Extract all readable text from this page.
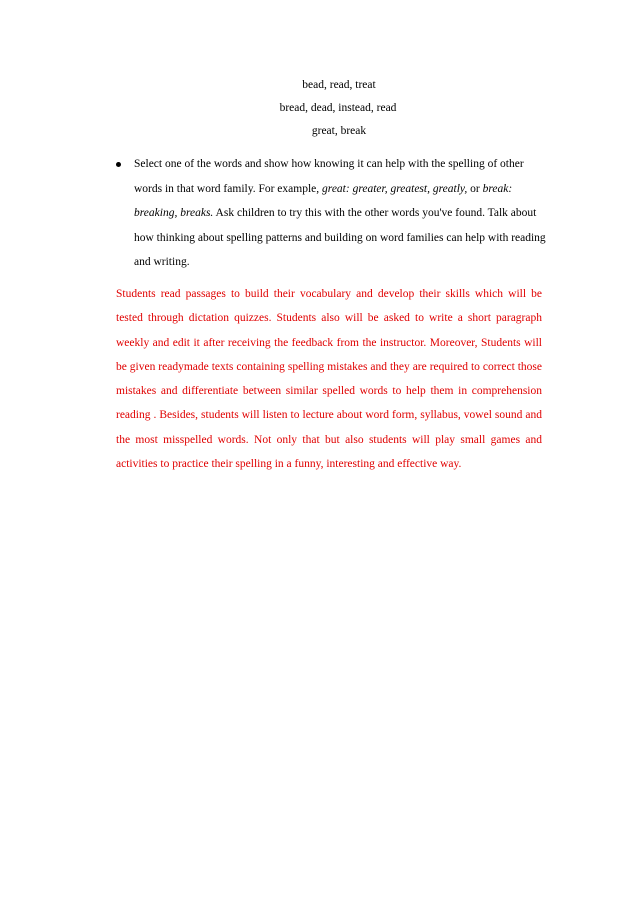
bead, read, treat
bread, dead, instead, read
great, break
Select one of the words and show how knowing it can help with the spelling of other words in that word family. For example, great: greater, greatest, greatly, or break: breaking, breaks. Ask children to try this with the other words you've found. Talk about how thinking about spelling patterns and building on word families can help with reading and writing.
Students read passages to build their vocabulary and develop their skills which will be tested through dictation quizzes. Students also will be asked to write a short paragraph weekly and edit it after receiving the feedback from the instructor. Moreover, Students will be given readymade texts containing spelling mistakes and they are required to correct those mistakes and differentiate between similar spelled words to help them in comprehension reading . Besides, students will listen to lecture about word form, syllabus, vowel sound and the most misspelled words. Not only that but also students will play small games and activities to practice their spelling in a funny, interesting and effective way.
